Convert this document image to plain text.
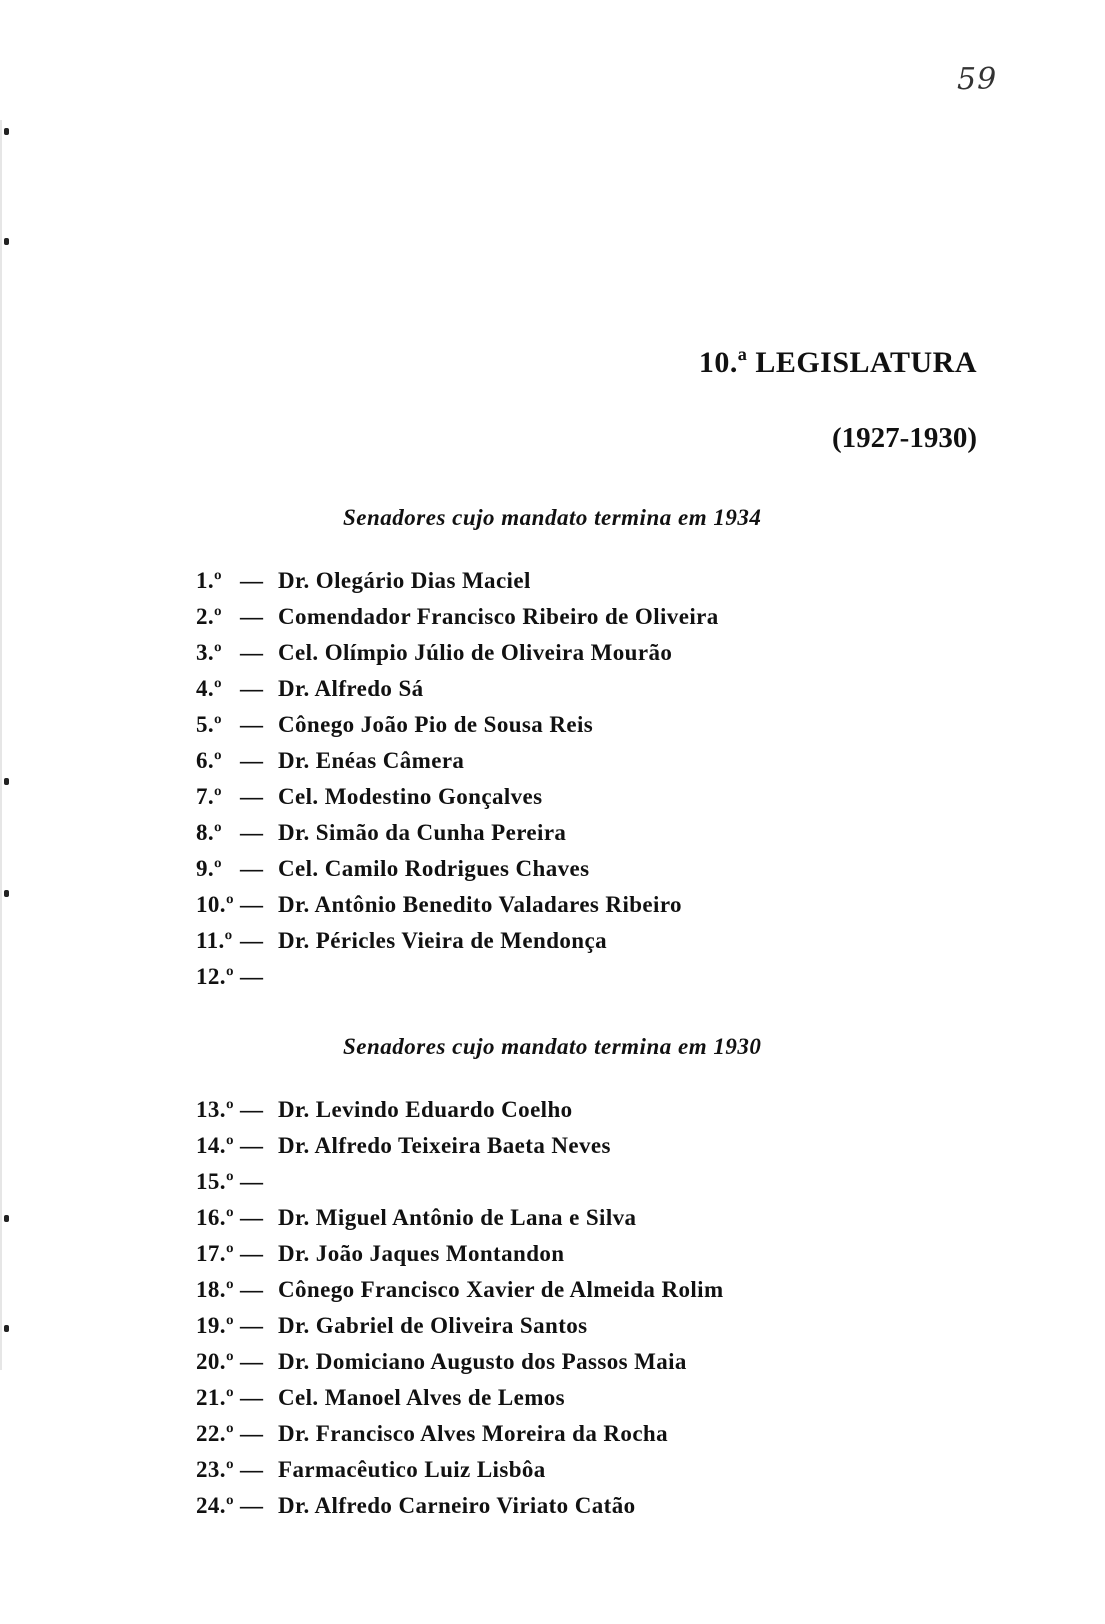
59
10.ª LEGISLATURA
(1927-1930)
Senadores cujo mandato termina em 1934
1.º — Dr. Olegário Dias Maciel
2.º — Comendador Francisco Ribeiro de Oliveira
3.º — Cel. Olímpio Júlio de Oliveira Mourão
4.º — Dr. Alfredo Sá
5.º — Cônego João Pio de Sousa Reis
6.º — Dr. Enéas Câmera
7.º — Cel. Modestino Gonçalves
8.º — Dr. Simão da Cunha Pereira
9.º — Cel. Camilo Rodrigues Chaves
10.º — Dr. Antônio Benedito Valadares Ribeiro
11.º — Dr. Péricles Vieira de Mendonça
12.º —
Senadores cujo mandato termina em 1930
13.º — Dr. Levindo Eduardo Coelho
14.º — Dr. Alfredo Teixeira Baeta Neves
15.º —
16.º — Dr. Miguel Antônio de Lana e Silva
17.º — Dr. João Jaques Montandon
18.º — Cônego Francisco Xavier de Almeida Rolim
19.º — Dr. Gabriel de Oliveira Santos
20.º — Dr. Domiciano Augusto dos Passos Maia
21.º — Cel. Manoel Alves de Lemos
22.º — Dr. Francisco Alves Moreira da Rocha
23.º — Farmacêutico Luiz Lisbôa
24.º — Dr. Alfredo Carneiro Viriato Catão
